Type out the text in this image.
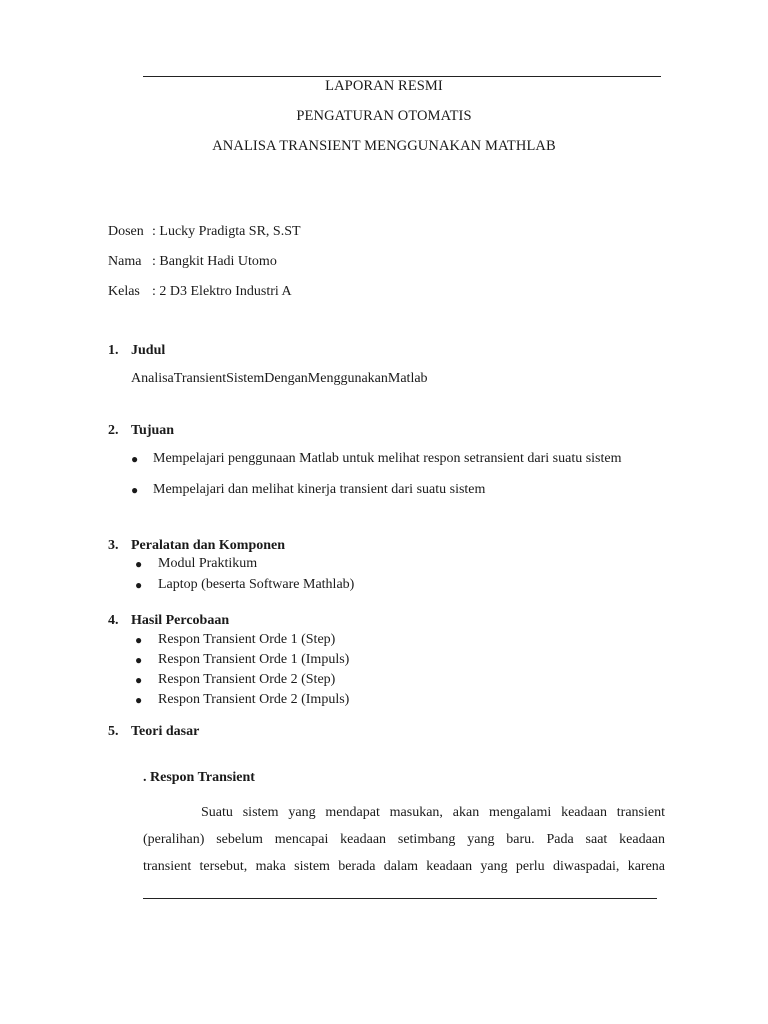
LAPORAN RESMI
PENGATURAN OTOMATIS
ANALISA TRANSIENT MENGGUNAKAN MATHLAB
Dosen : Lucky Pradigta SR, S.ST
Nama : Bangkit Hadi Utomo
Kelas : 2 D3 Elektro Industri A
1. Judul
AnalisaTransientSistemDenganMenggunakanMatlab
2. Tujuan
● Mempelajari penggunaan Matlab untuk melihat respon setransient dari suatu sistem
● Mempelajari dan melihat kinerja transient dari suatu sistem
3. Peralatan dan Komponen
● Modul Praktikum
● Laptop (beserta Software Mathlab)
4. Hasil Percobaan
● Respon Transient Orde 1 (Step)
● Respon Transient Orde 1 (Impuls)
● Respon Transient Orde 2 (Step)
● Respon Transient Orde 2 (Impuls)
5. Teori dasar
. Respon Transient
Suatu sistem yang mendapat masukan, akan mengalami keadaan transient
(peralihan) sebelum mencapai keadaan setimbang yang baru. Pada saat keadaan
transient tersebut, maka sistem berada dalam keadaan yang perlu diwaspadai, karena
